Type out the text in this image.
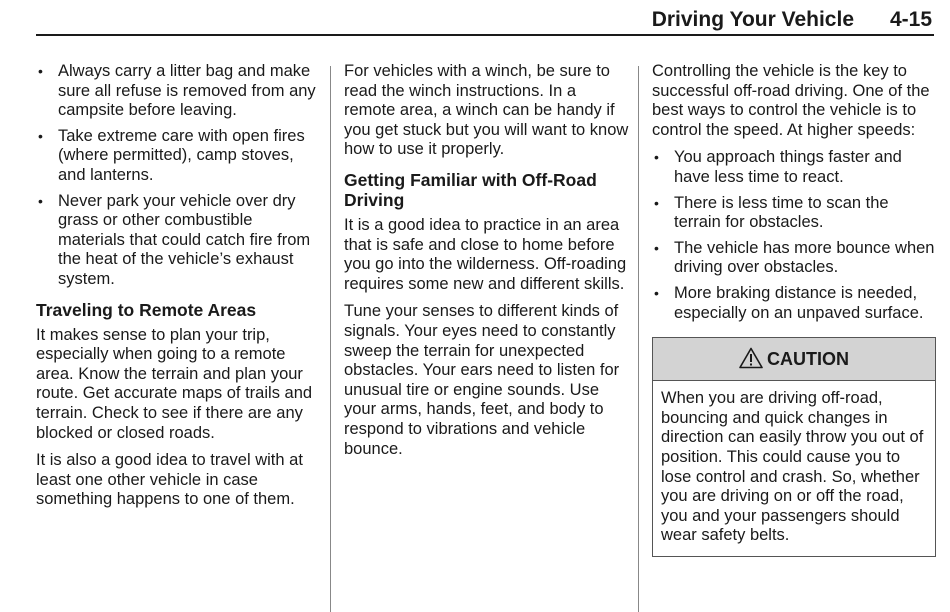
Driving Your Vehicle 4-15
• Always carry a litter bag and make sure all refuse is removed from any campsite before leaving.
• Take extreme care with open fires (where permitted), camp stoves, and lanterns.
• Never park your vehicle over dry grass or other combustible materials that could catch fire from the heat of the vehicle’s exhaust system.
Traveling to Remote Areas

It makes sense to plan your trip, especially when going to a remote area. Know the terrain and plan your route. Get accurate maps of trails and terrain. Check to see if there are any blocked or closed roads.

It is also a good idea to travel with at least one other vehicle in case something happens to one of them.

For vehicles with a winch, be sure to read the winch instructions. In a remote area, a winch can be handy if you get stuck but you will want to know how to use it properly.

Getting Familiar with Off-Road Driving

It is a good idea to practice in an area that is safe and close to home before you go into the wilderness. Off-roading requires some new and different skills.

Tune your senses to different kinds of signals. Your eyes need to constantly sweep the terrain for unexpected obstacles. Your ears need to listen for unusual tire or engine sounds. Use your arms, hands, feet, and body to respond to vibrations and vehicle bounce.

Controlling the vehicle is the key to successful off-road driving. One of the best ways to control the vehicle is to control the speed. At higher speeds:

• You approach things faster and have less time to react.
• There is less time to scan the terrain for obstacles.
• The vehicle has more bounce when driving over obstacles.
• More braking distance is needed, especially on an unpaved surface.
CAUTION
When you are driving off-road, bouncing and quick changes in direction can easily throw you out of position. This could cause you to lose control and crash. So, whether you are driving on or off the road, you and your passengers should wear safety belts.
